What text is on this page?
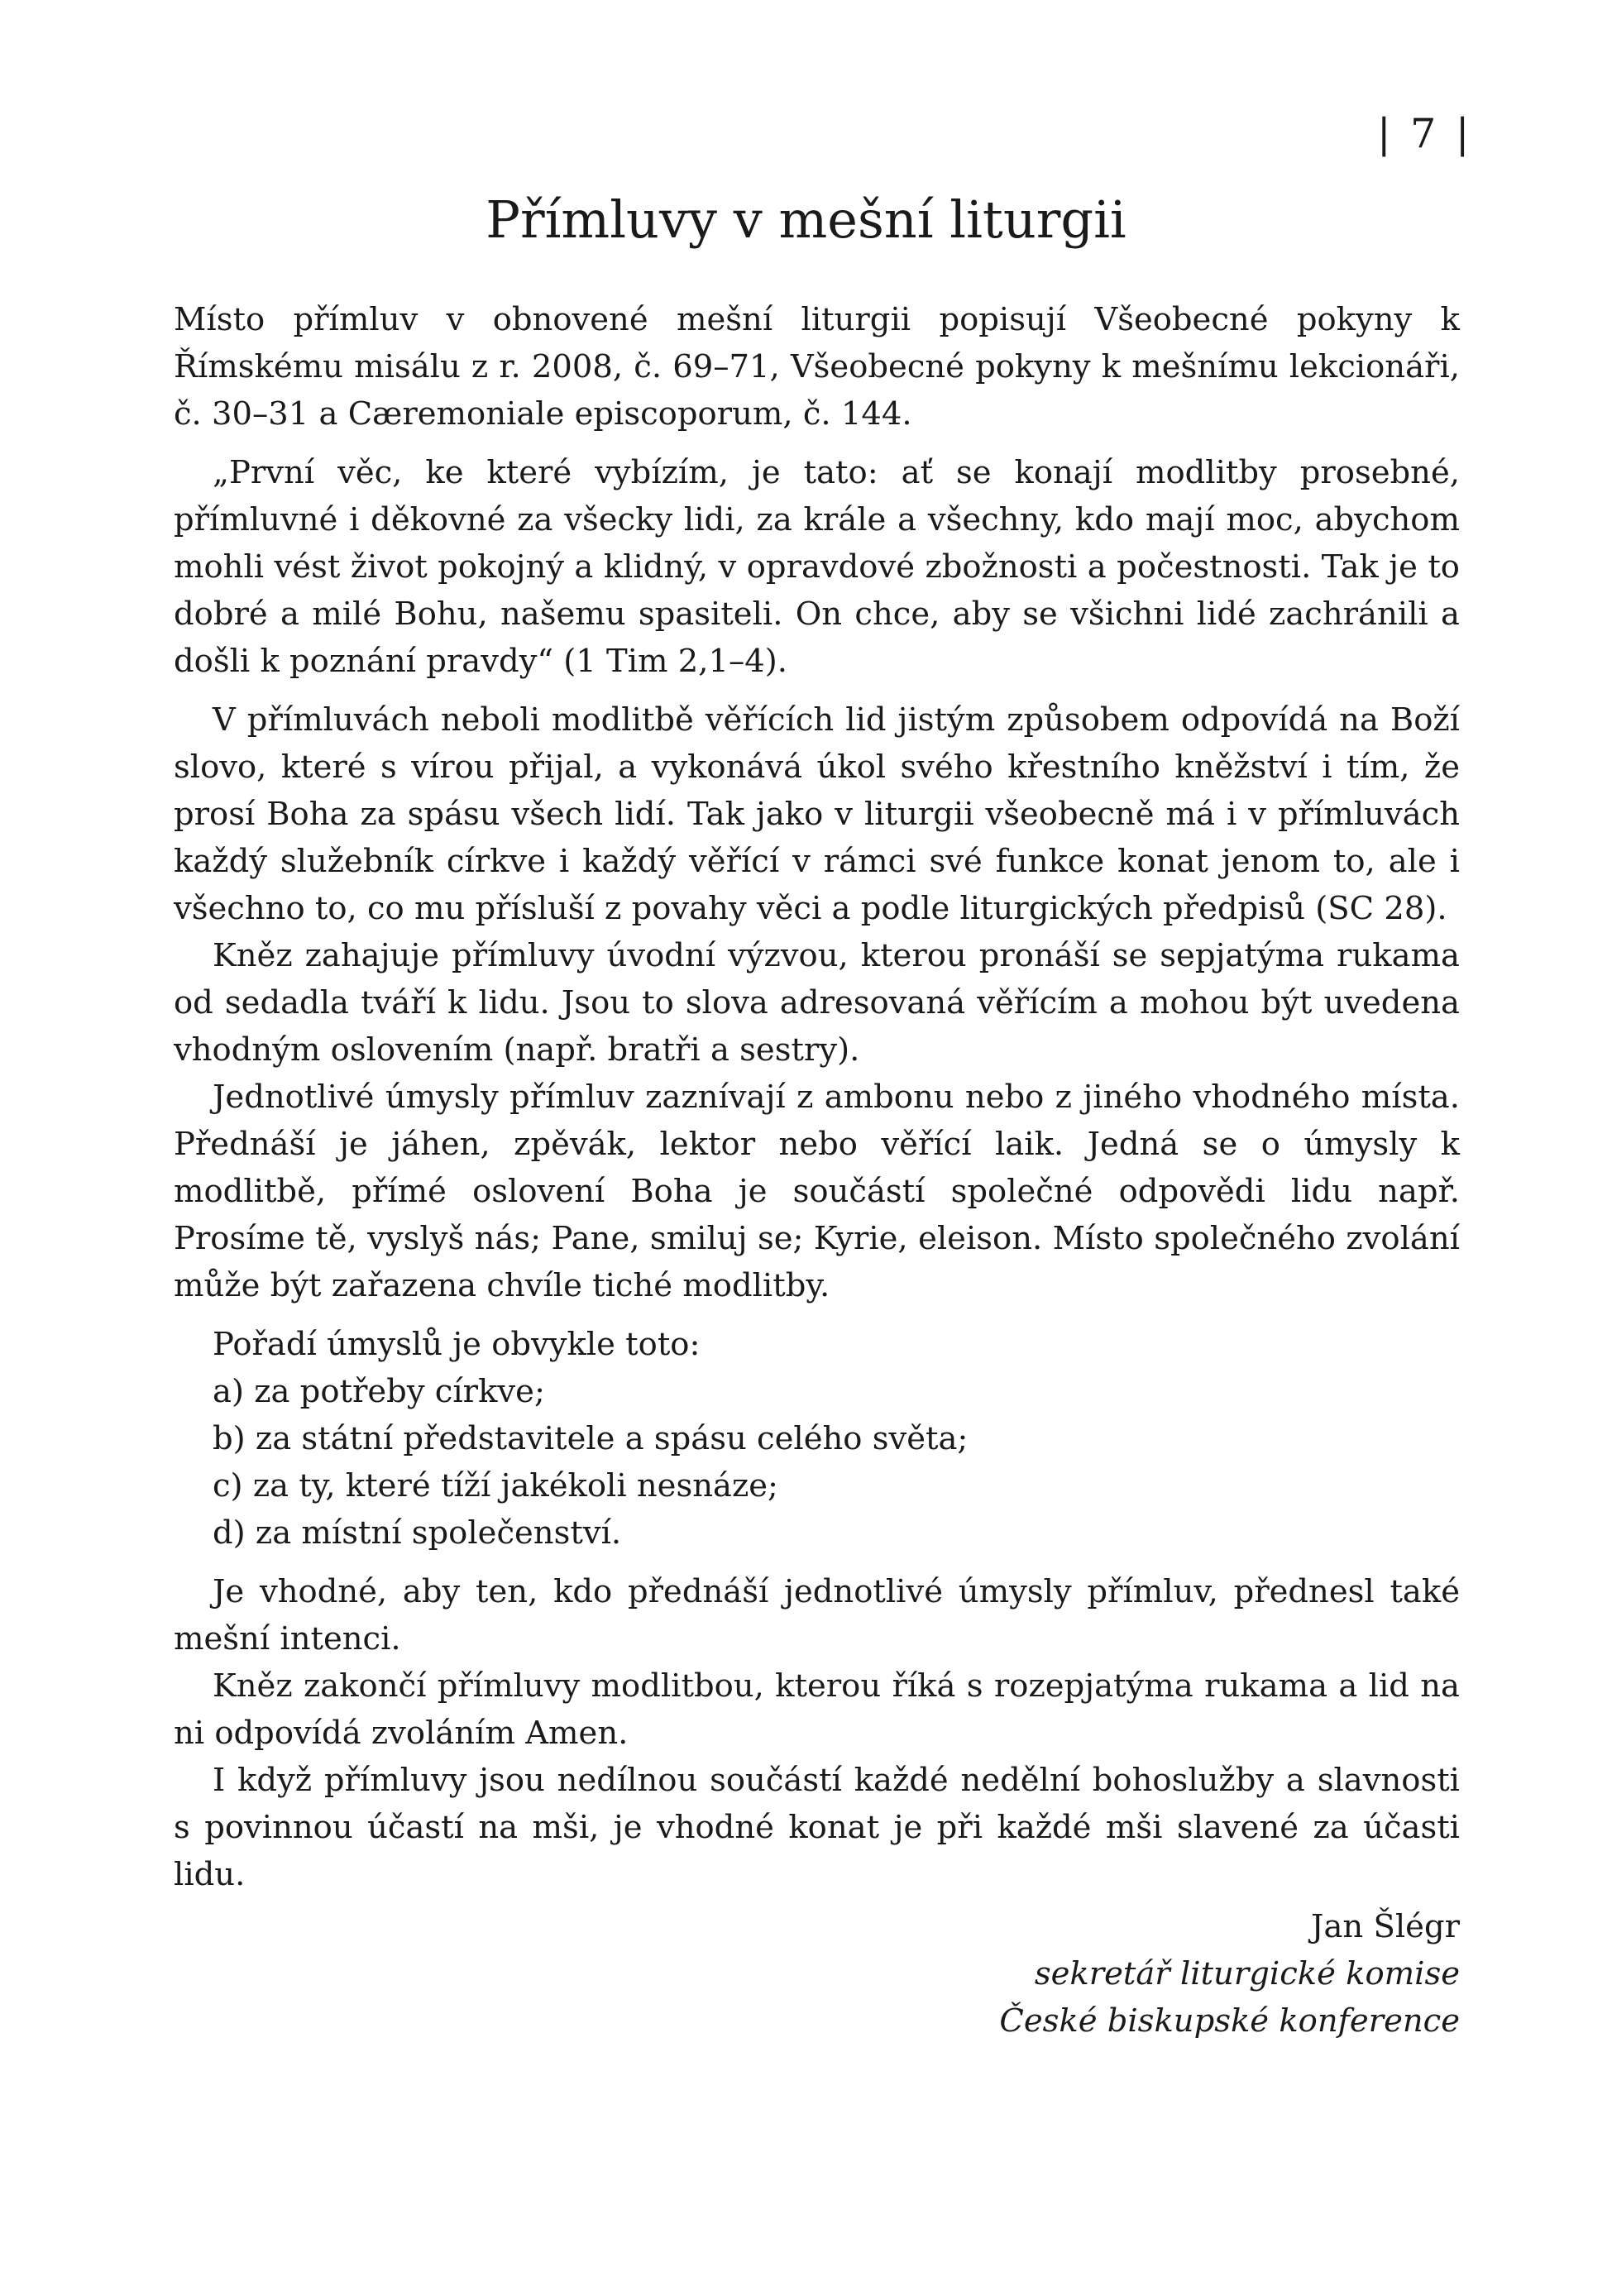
| 7 |
Přímluvy v mešní liturgii

Místo přímluv v obnovené mešní liturgii popisují Všeobecné pokyny k Římskému misálu z r. 2008, č. 69–71, Všeobecné pokyny k mešnímu lekcionáři, č. 30–31 a Cæremoniale episcoporum, č. 144.

„První věc, ke které vybízím, je tato: ať se konají modlitby prosebné, přímluvné i děkovné za všecky lidi, za krále a všechny, kdo mají moc, abychom mohli vést život pokojný a klidný, v opravdové zbožnosti a počestnosti. Tak je to dobré a milé Bohu, našemu spasiteli. On chce, aby se všichni lidé zachránili a došli k poznání pravdy“ (1 Tim 2,1–4).

V přímluvách neboli modlitbě věřících lid jistým způsobem odpovídá na Boží slovo, které s vírou přijal, a vykonává úkol svého křestního kněžství i tím, že prosí Boha za spásu všech lidí. Tak jako v liturgii všeobecně má i v přímluvách každý služebník církve i každý věřící v rámci své funkce konat jenom to, ale i všechno to, co mu přísluší z povahy věci a podle liturgických předpisů (SC 28).

Kněz zahajuje přímluvy úvodní výzvou, kterou pronáší se sepjatýma rukama od sedadla tváří k lidu. Jsou to slova adresovaná věřícím a mohou být uvedena vhodným oslovením (např. bratři a sestry).

Jednotlivé úmysly přímluv zaznívají z ambonu nebo z jiného vhodného místa. Přednáší je jáhen, zpěvák, lektor nebo věřící laik. Jedná se o úmysly k modlitbě, přímé oslovení Boha je součástí společné odpovědi lidu např. Prosíme tě, vyslyš nás; Pane, smiluj se; Kyrie, eleison. Místo společného zvolání může být zařazena chvíle tiché modlitby.

Pořadí úmyslů je obvykle toto:

a) za potřeby církve;
b) za státní představitele a spásu celého světa;
c) za ty, které tíží jakékoli nesnáze;
d) za místní společenství.

Je vhodné, aby ten, kdo přednáší jednotlivé úmysly přímluv, přednesl také mešní intenci.

Kněz zakončí přímluvy modlitbou, kterou říká s rozepjatýma rukama a lid na ni odpovídá zvoláním Amen.

I když přímluvy jsou nedílnou součástí každé nedělní bohoslužby a slavnosti s povinnou účastí na mši, je vhodné konat je při každé mši slavené za účasti lidu.

Jan Šlégr
sekretář liturgické komise
České biskupské konference
